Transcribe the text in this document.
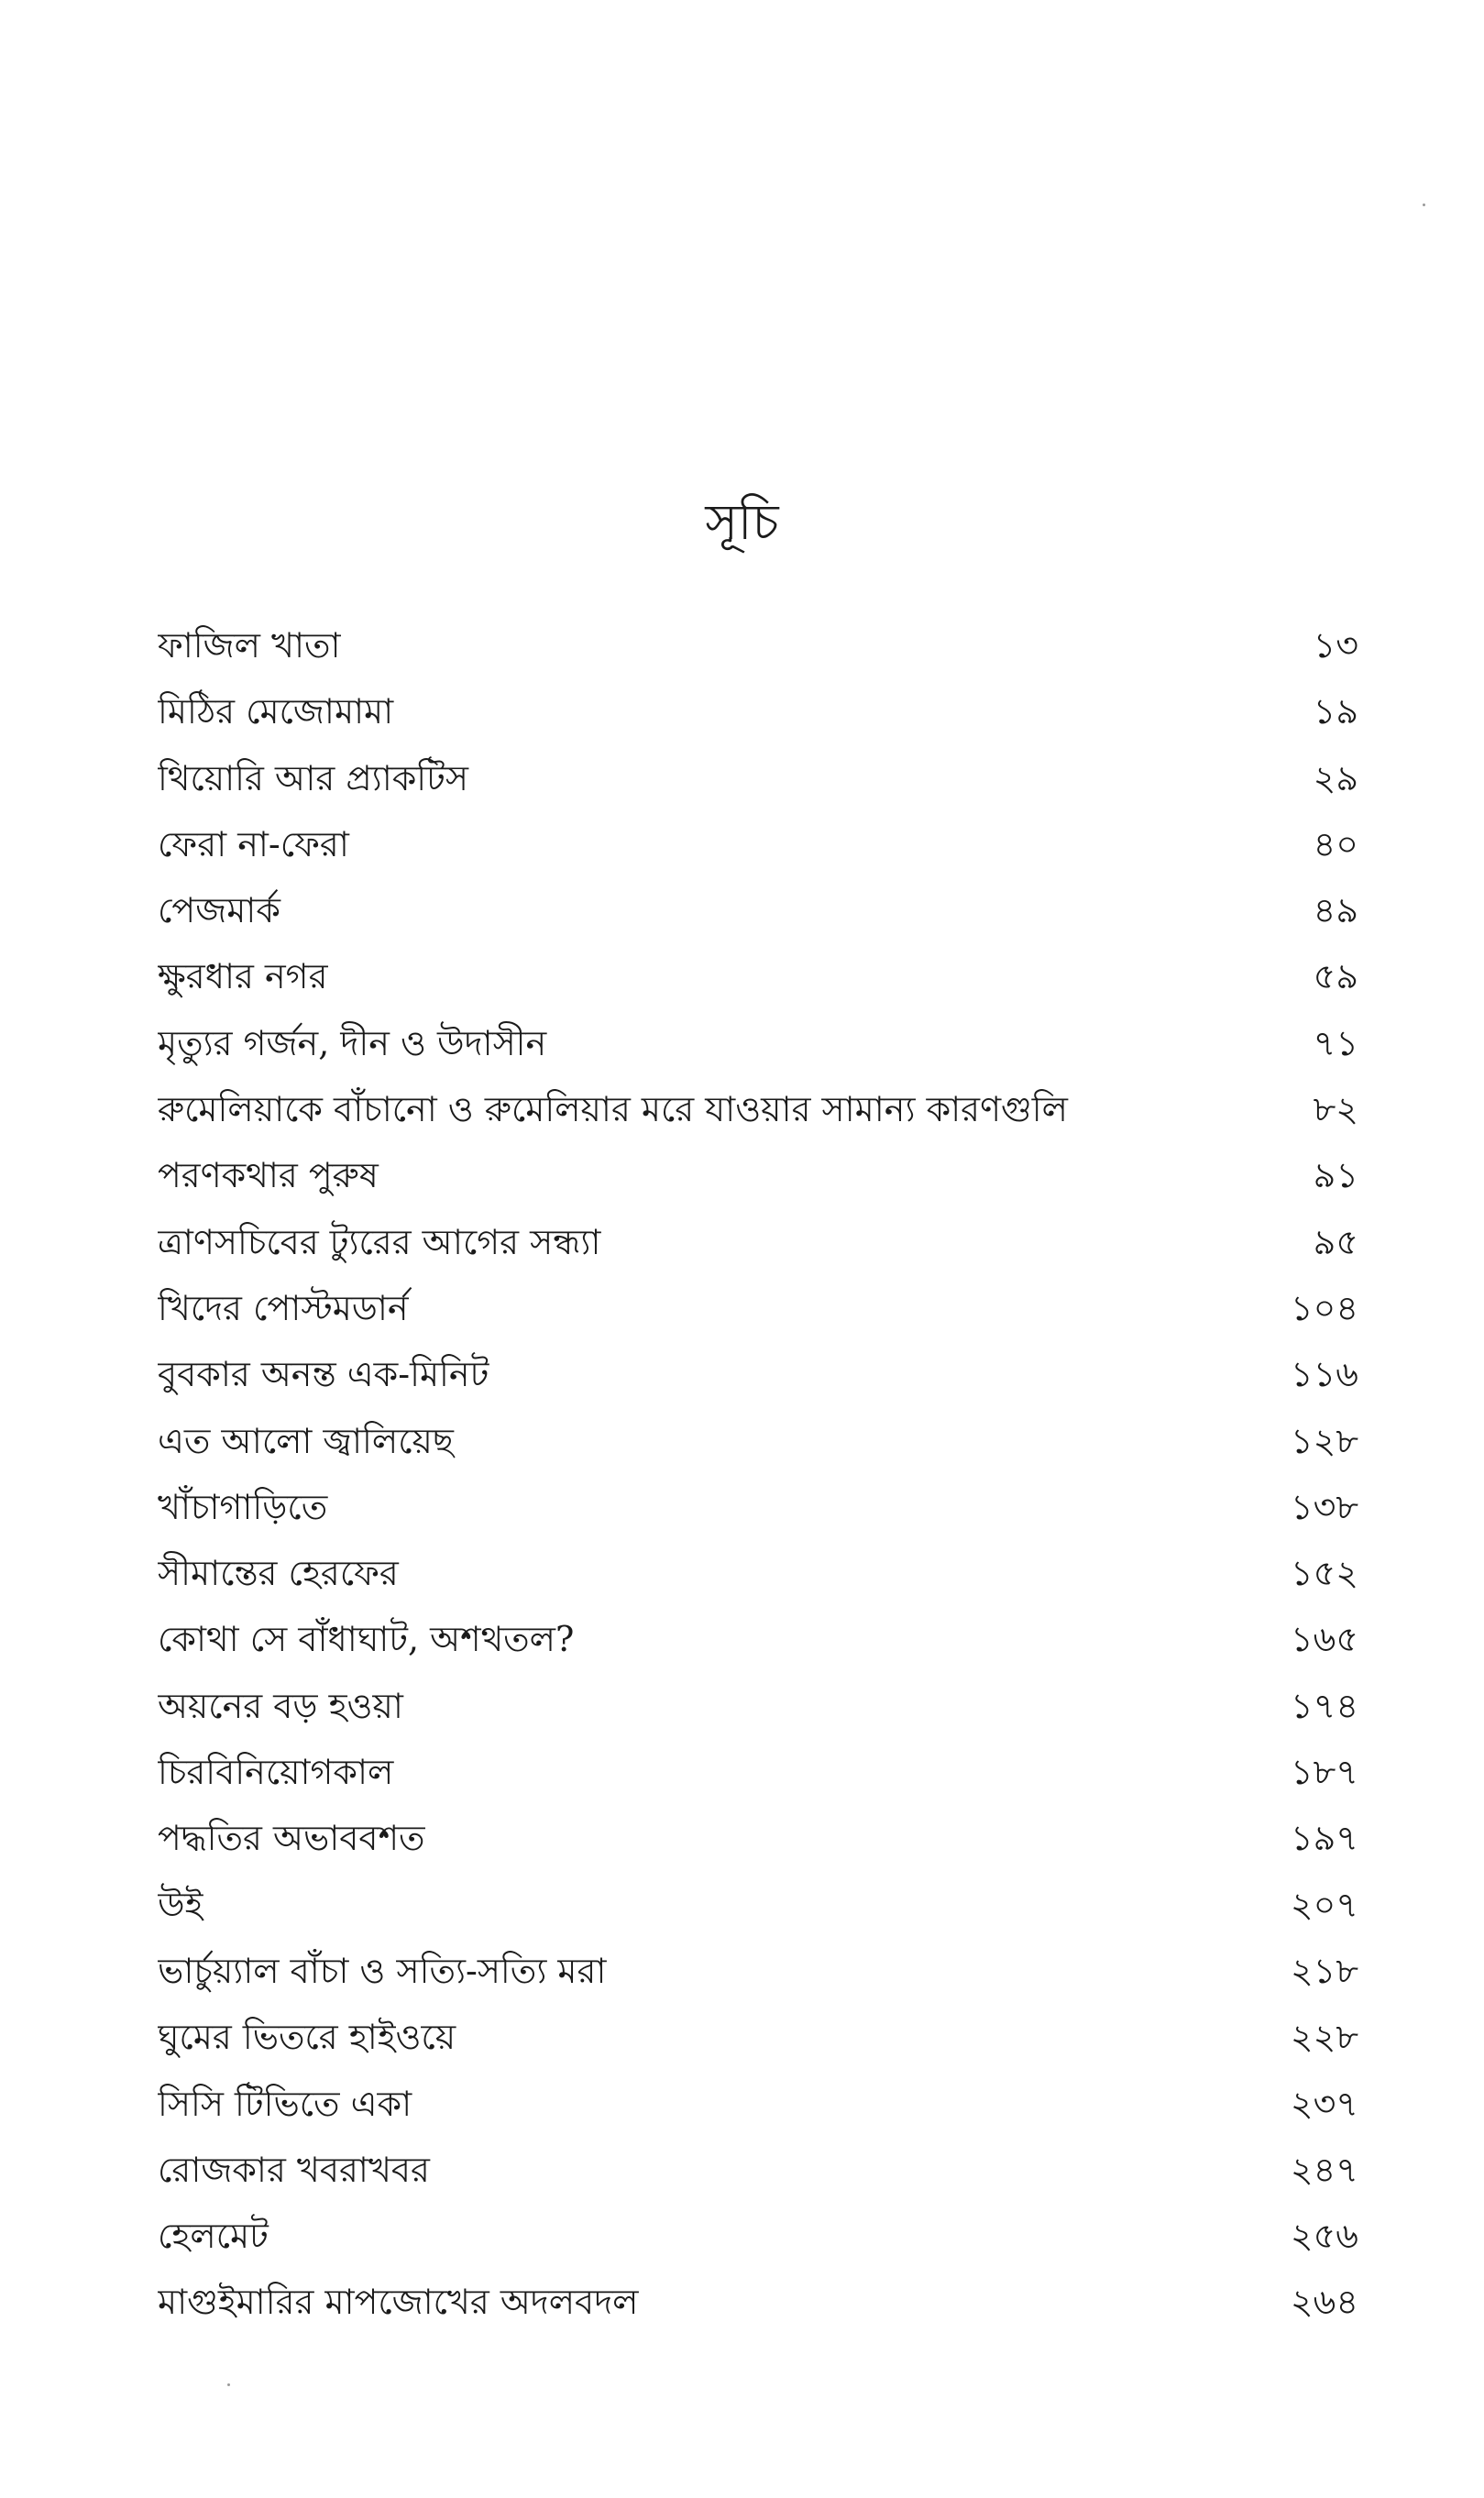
সূচি
ফাজিল খাতা	১৩
মিঠির মেজোমামা	১৯
থিয়োরি আর প্র্যাকটিস	২৯
ফেরা না-ফেরা	৪০
পেজমার্ক	৪৯
ক্ষুরধার নগর	৫৯
মৃত্যুর গর্জন, দীন ও উদাসীন	৭১
রুমেলিয়াকে বাঁচানো ও রুমেলিয়ার মরে যাওয়ার সামান্য কারণগুলি	৮২
পরণকথার পুরুষ	৯১
ত্রাণসচিবের ট্যুরের আগের সন্ধ্যা	৯৫
খিদের পোস্টমডার্ন	১০৪
বুবকার অনন্ত এক-মিনিট	১১৬
এত আলো জ্বালিয়েছ	১২৮
খাঁচাগাড়িতে	১৩৮
সীমান্তের হেরফের	১৫২
কোথা সে বাঁধাঘাট, অশথতল?	১৬৫
অয়নের বড় হওয়া	১৭৪
চিরবিনিয়োগকাল	১৮৭
পদ্ধতির অভাববশত	১৯৭
উই	২০৭
ভার্চুয়্যাল বাঁচা ও সত্যি-সত্যি মরা	২১৮
ঘুমের ভিতরে হাইওয়ে	২২৮
সিসি টিভিতে একা	২৩৭
রোজকার খবরাখবর	২৪৭
হেলমেট	২৫৬
মাগুইমারির মাপজোখের অদলবদল	২৬৪
